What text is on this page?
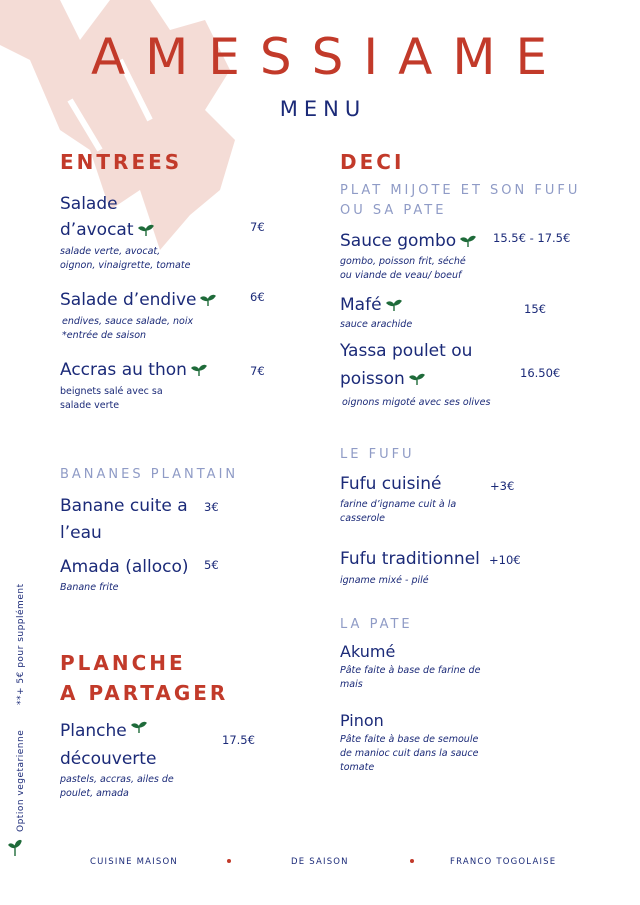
AMESSIAME
MENU
ENTREES
Salade
d’avocat	7€
salade verte, avocat,
oignon, vinaigrette, tomate
Salade d’endive	6€
endives, sauce salade, noix
*entrée de saison
Accras au thon	7€
beignets salé avec sa
salade verte
BANANES PLANTAIN
Banane cuite a
l’eau
3€
Amada (alloco) 5€
Banane frite
PLANCHE
A PARTAGER
Planche
découverte
17.5€
pastels, accras, ailes de
poulet, amada
DECI
PLAT MIJOTE ET SON FUFU
OU SA PATE
Sauce gombo	15.5€ - 17.5€
gombo, poisson frit, séché
ou viande de veau/ boeuf
Mafé	15€
sauce arachide
Yassa poulet ou
poisson	16.50€
oignons migoté avec ses olives
LE FUFU
Fufu cuisiné	+3€
farine d’igname cuit à la
casserole
Fufu traditionnel +10€
igname mixé - pilé
LA PATE
Akumé
Pâte faite à base de farine de
mais
Pinon
Pâte faite à base de semoule
de manioc cuit dans la sauce
tomate
**+ 5€ pour supplément
Option vegetarienne
CUISINE MAISON	DE SAISON	FRANCO TOGOLAISE
